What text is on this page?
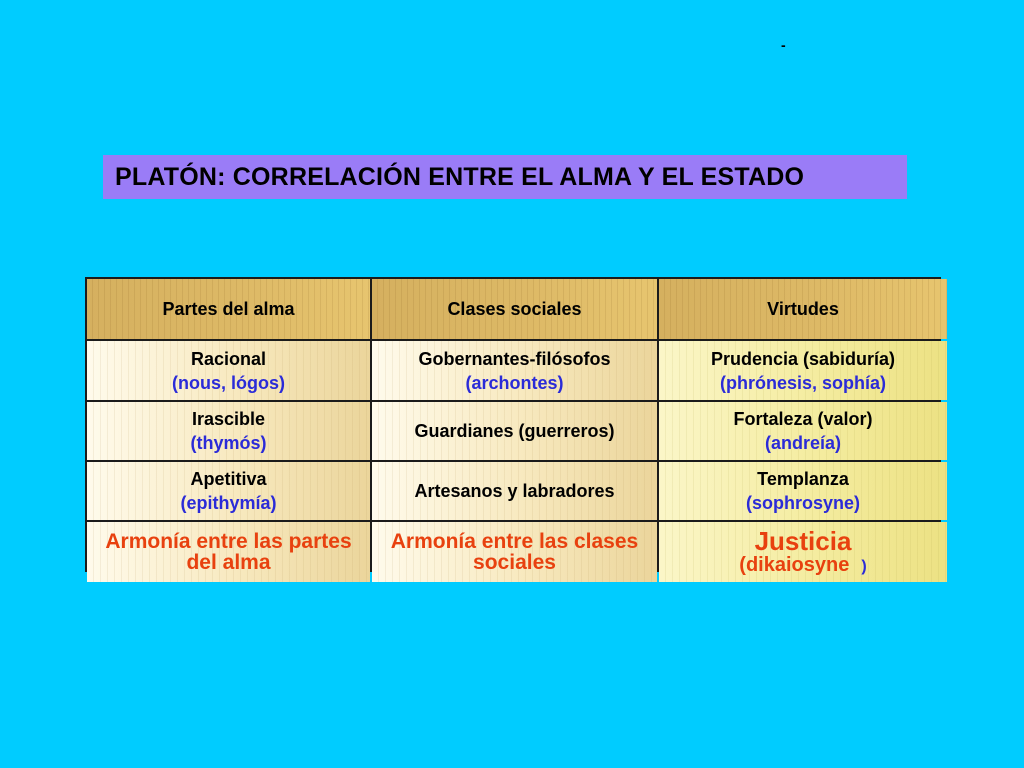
-
PLATÓN: CORRELACIÓN ENTRE EL ALMA Y EL ESTADO
Partes del alma	Clases sociales	Virtudes
Racional
(nous, lógos)
Gobernantes-filósofos
(archontes)
Prudencia (sabiduría)
(phrónesis, sophía)
Irascible
(thymós)
Guardianes (guerreros)
Fortaleza (valor)
(andreía)
Apetitiva
(epithymía)
Artesanos y labradores
Templanza
(sophrosyne)
Armonía entre las partes
del alma
Armonía entre las clases
sociales
Justicia
( dikaiosyne )
